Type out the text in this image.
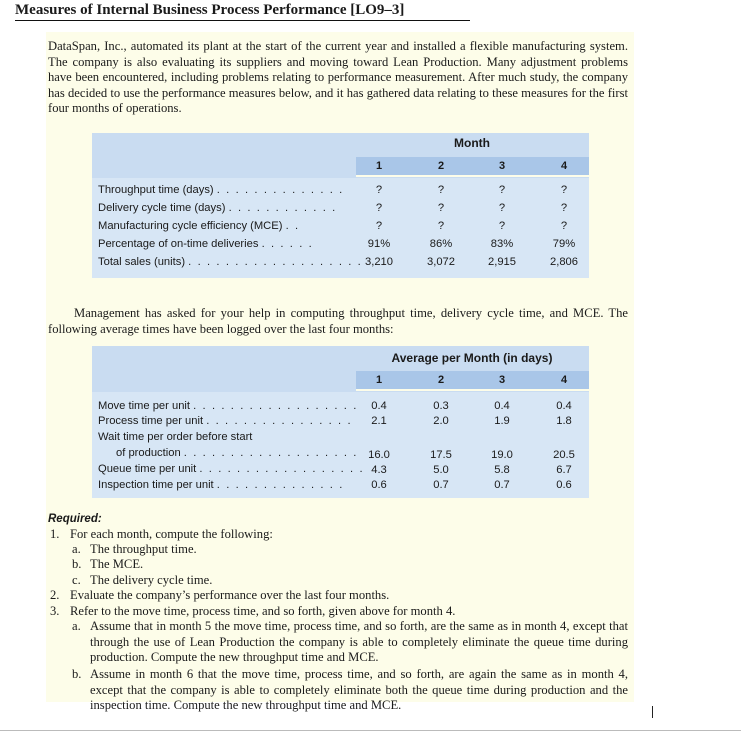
Measures of Internal Business Process Performance [LO9–3]
DataSpan, Inc., automated its plant at the start of the current year and installed a flexible manufacturing system. The company is also evaluating its suppliers and moving toward Lean Production. Many adjustment problems have been encountered, including problems relating to performance measurement. After much study, the company has decided to use the performance measures below, and it has gathered data relating to these measures for the first four months of operations.
Month
1	2	3	4
Throughput time (days) . . . . . . . . . . . . . .	?	?	?	?
Delivery cycle time (days) . . . . . . . . . . . .	?	?	?	?
Manufacturing cycle efficiency (MCE) . .	?	?	?	?
Percentage of on-time deliveries . . . . . .	91%	86%	83%	79%
Total sales (units) . . . . . . . . . . . . . . . . . . . 3,210	3,072	2,915	2,806
Management has asked for your help in computing throughput time, delivery cycle time, and MCE. The following average times have been logged over the last four months:
Average per Month (in days)
1	2	3	4
Move time per unit . . . . . . . . . . . . . . . . . .	0.4	0.3	0.4	0.4
Process time per unit . . . . . . . . . . . . . . . .	2.1	2.0	1.9	1.8
Wait time per order before start
of production . . . . . . . . . . . . . . . . . . . 16.0	17.5	19.0	20.5
Queue time per unit . . . . . . . . . . . . . . . . . . 4.3	5.0	5.8	6.7
Inspection time per unit . . . . . . . . . . . . . .	0.6	0.7	0.7	0.6
Required:
1. For each month, compute the following:
a. The throughput time.
b. The MCE.
c. The delivery cycle time.
2. Evaluate the company’s performance over the last four months.
3. Refer to the move time, process time, and so forth, given above for month 4.
a. Assume that in month 5 the move time, process time, and so forth, are the same as in month 4, except that through the use of Lean Production the company is able to completely eliminate the queue time during production. Compute the new throughput time and MCE.
b. Assume in month 6 that the move time, process time, and so forth, are again the same as in month 4, except that the company is able to completely eliminate both the queue time during production and the inspection time. Compute the new throughput time and MCE.
